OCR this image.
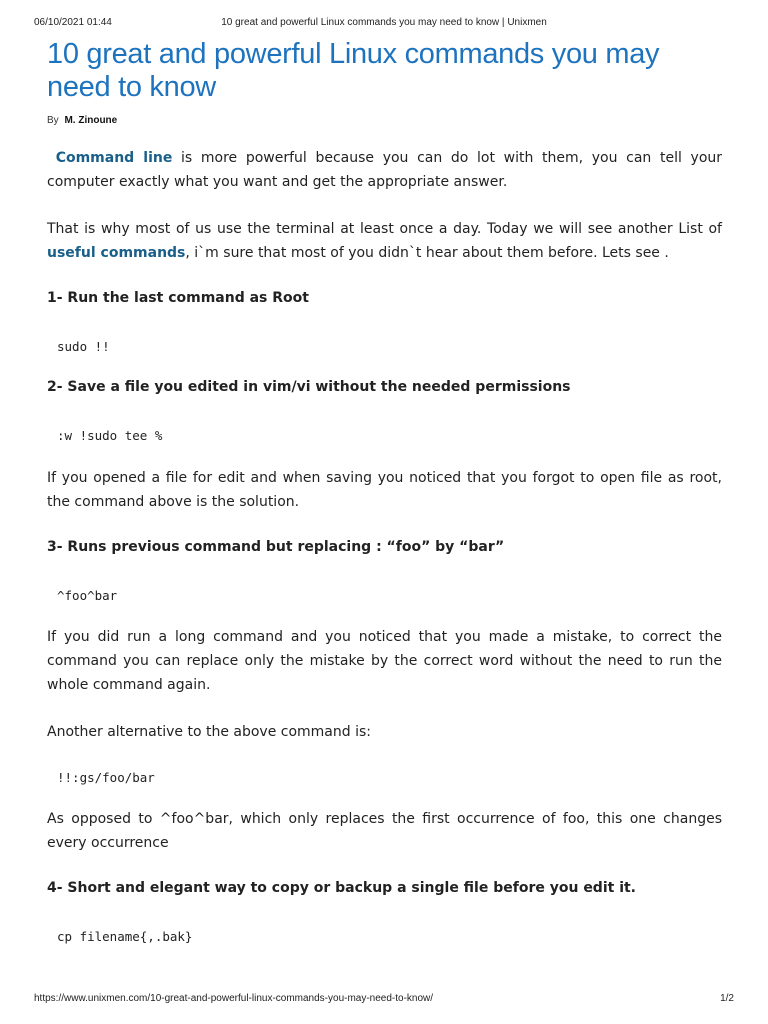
06/10/2021 01:44	10 great and powerful Linux commands you may need to know | Unixmen
10 great and powerful Linux commands you may need to know
By M. Zinoune

Command line is more powerful because you can do lot with them, you can tell your computer exactly what you want and get the appropriate answer.

That is why most of us use the terminal at least once a day. Today we will see another List of useful commands, i`m sure that most of you didn`t hear about them before. Lets see .

1- Run the last command as Root
sudo !!
2- Save a file you edited in vim/vi without the needed permissions
:w !sudo tee %

If you opened a file for edit and when saving you noticed that you forgot to open file as root, the command above is the solution.

3- Runs previous command but replacing : “foo” by “bar”
^foo^bar

If you did run a long command and you noticed that you made a mistake, to correct the command you can replace only the mistake by the correct word without the need to run the whole command again.

Another alternative to the above command is:

!!:gs/foo/bar

As opposed to ^foo^bar, which only replaces the first occurrence of foo, this one changes every occurrence

4- Short and elegant way to copy or backup a single file before you edit it.
cp filename{,.bak}
https://www.unixmen.com/10-great-and-powerful-linux-commands-you-may-need-to-know/	1/2
